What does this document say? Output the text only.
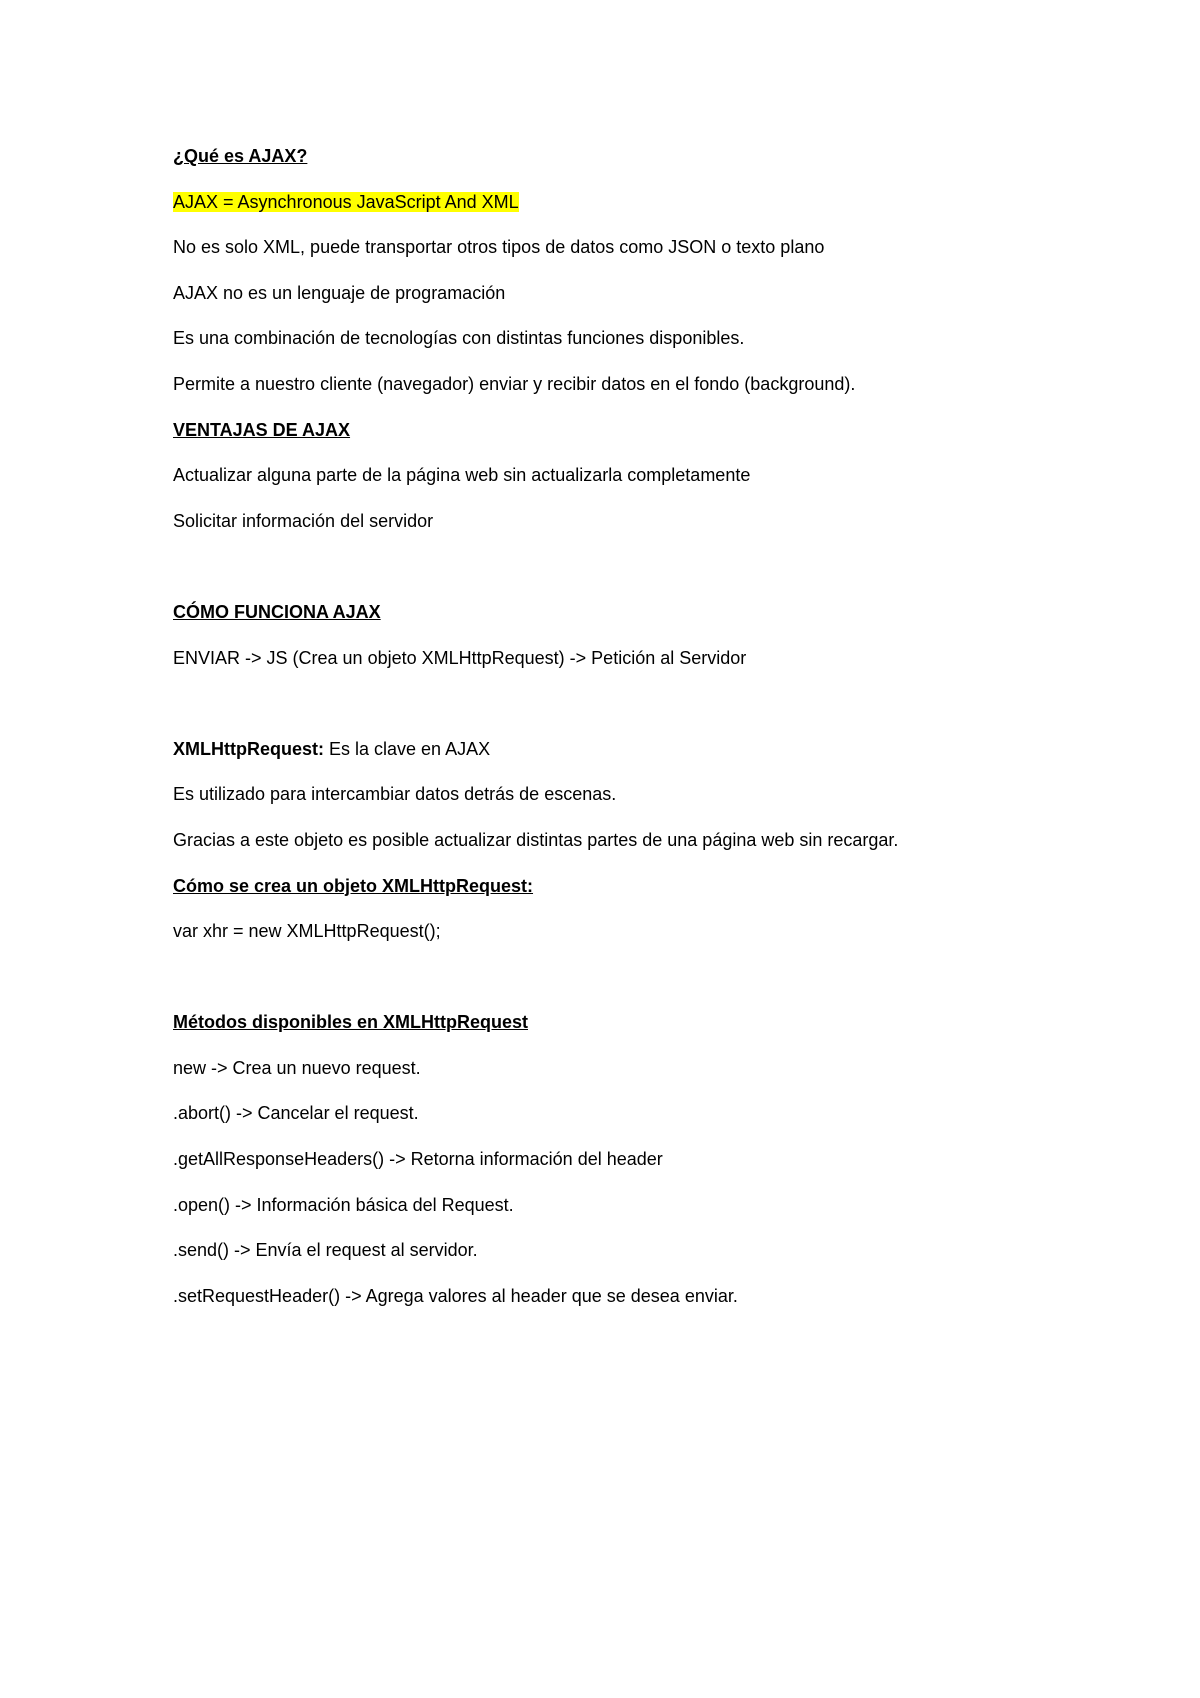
¿Qué es AJAX?
AJAX = Asynchronous JavaScript And XML
No es solo XML, puede transportar otros tipos de datos como JSON o texto plano
AJAX no es un lenguaje de programación
Es una combinación de tecnologías con distintas funciones disponibles.
Permite a nuestro cliente (navegador) enviar y recibir datos en el fondo (background).
VENTAJAS DE AJAX
Actualizar alguna parte de la página web sin actualizarla completamente
Solicitar información del servidor
CÓMO FUNCIONA AJAX
ENVIAR -> JS (Crea un objeto XMLHttpRequest) -> Petición al Servidor
XMLHttpRequest: Es la clave en AJAX
Es utilizado para intercambiar datos detrás de escenas.
Gracias a este objeto es posible actualizar distintas partes de una página web sin recargar.
Cómo se crea un objeto XMLHttpRequest:
var xhr = new XMLHttpRequest();
Métodos disponibles en XMLHttpRequest
new -> Crea un nuevo request.
.abort() -> Cancelar el request.
.getAllResponseHeaders() -> Retorna información del header
.open() -> Información básica del Request.
.send() -> Envía el request al servidor.
.setRequestHeader() -> Agrega valores al header que se desea enviar.
